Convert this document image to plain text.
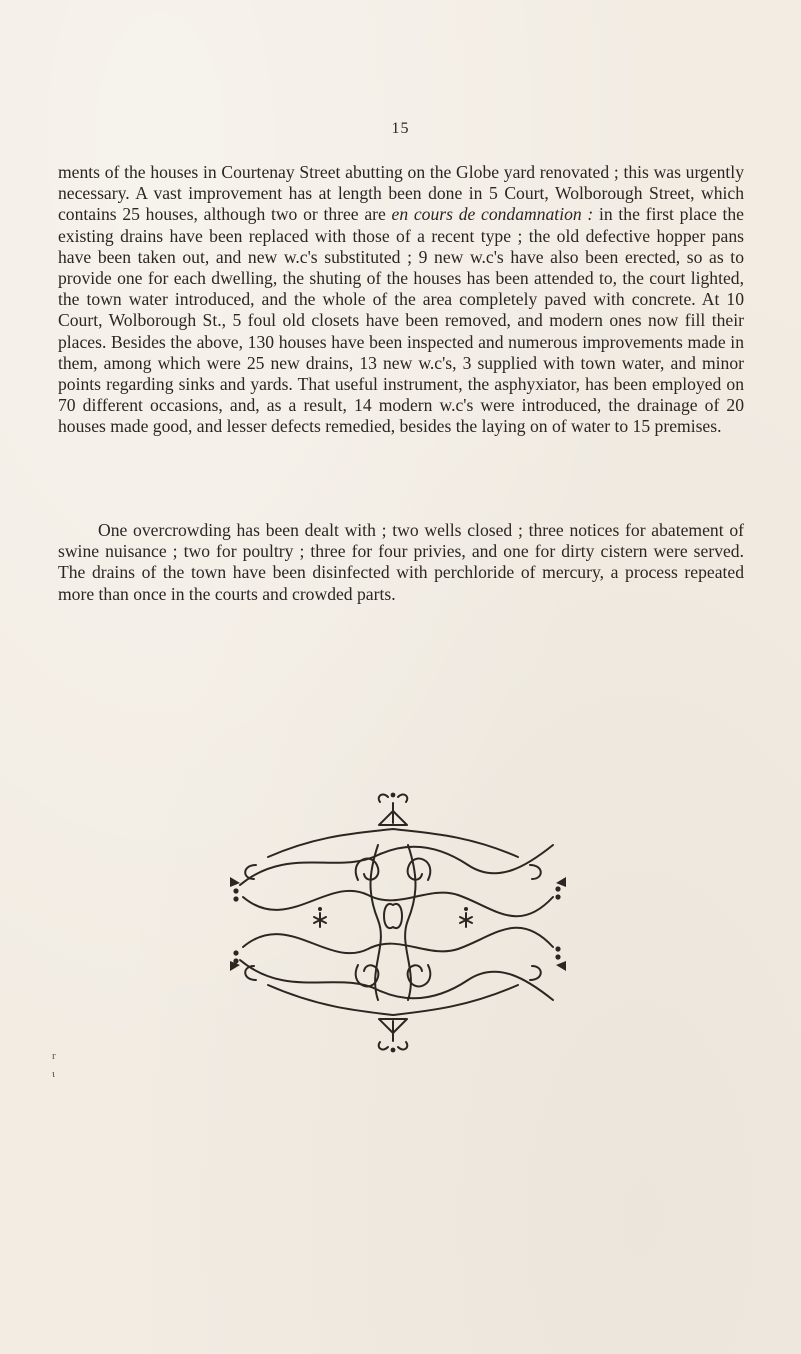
15

ments of the houses in Courtenay Street abutting on the Globe yard renovated ; this was urgently necessary. A vast improvement has at length been done in 5 Court, Wolborough Street, which contains 25 houses, although two or three are en cours de condamnation : in the first place the existing drains have been replaced with those of a recent type ; the old defective hopper pans have been taken out, and new w.c's substituted ; 9 new w.c's have also been erected, so as to provide one for each dwelling, the shuting of the houses has been attended to, the court lighted, the town water introduced, and the whole of the area completely paved with concrete. At 10 Court, Wolborough St., 5 foul old closets have been removed, and modern ones now fill their places. Besides the above, 130 houses have been inspected and numerous improvements made in them, among which were 25 new drains, 13 new w.c's, 3 supplied with town water, and minor points regarding sinks and yards. That useful instrument, the asphyxiator, has been employed on 70 different occasions, and, as a result, 14 modern w.c's were introduced, the drainage of 20 houses made good, and lesser defects remedied, besides the laying on of water to 15 premises.

One overcrowding has been dealt with ; two wells closed ; three notices for abatement of swine nuisance ; two for poultry ; three for four privies, and one for dirty cistern were served. The drains of the town have been disinfected with perchloride of mercury, a process repeated more than once in the courts and crowded parts.

r
ι
